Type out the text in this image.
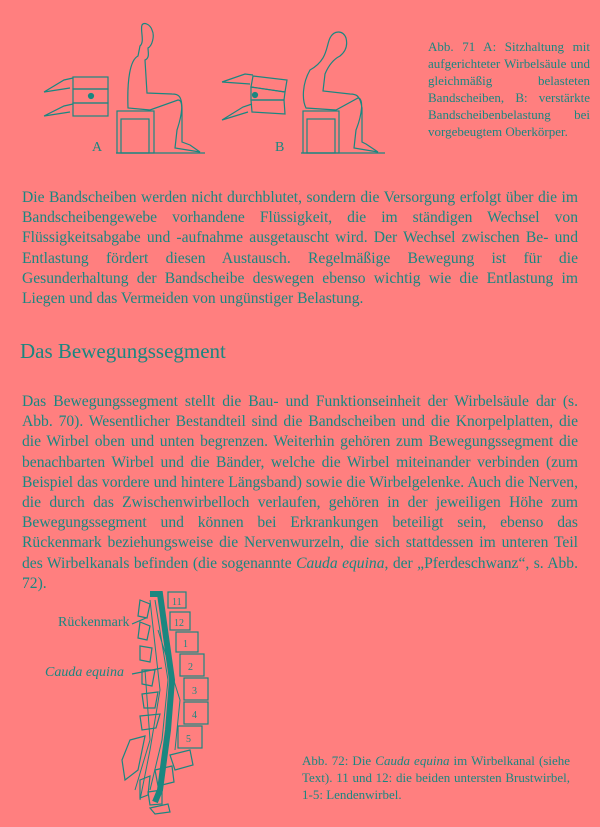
A	B
Abb. 71 A: Sitzhaltung mit aufgerichteter Wirbelsäule und gleichmäßig belasteten Bandscheiben, B: verstärkte Bandscheibenbelastung bei vorgebeugtem Oberkörper.

Die Bandscheiben werden nicht durchblutet, sondern die Versorgung erfolgt über die im Bandscheibengewebe vorhandene Flüssigkeit, die im ständigen Wechsel von Flüssigkeitsabgabe und -aufnahme ausgetauscht wird. Der Wechsel zwischen Be- und Entlastung fördert diesen Austausch. Regelmäßige Bewegung ist für die Gesunderhaltung der Bandscheibe deswegen ebenso wichtig wie die Entlastung im Liegen und das Vermeiden von ungünstiger Belastung.

Das Bewegungssegment

Das Bewegungssegment stellt die Bau- und Funktionseinheit der Wirbelsäule dar (s. Abb. 70). Wesentlicher Bestandteil sind die Bandscheiben und die Knorpelplatten, die die Wirbel oben und unten begrenzen. Weiterhin gehören zum Bewegungssegment die benachbarten Wirbel und die Bänder, welche die Wirbel miteinander verbinden (zum Beispiel das vordere und hintere Längsband) sowie die Wirbelgelenke. Auch die Nerven, die durch das Zwischenwirbelloch verlaufen, gehören in der jeweiligen Höhe zum Bewegungssegment und können bei Erkrankungen beteiligt sein, ebenso das Rückenmark beziehungsweise die Nervenwurzeln, die sich stattdessen im unteren Teil des Wirbelkanals befinden (die sogenannte Cauda equina, der „Pferdeschwanz“, s. Abb. 72).

11
12
1
2
3
4
5
Rückenmark
Cauda equina
Abb. 72: Die Cauda equina im Wirbelkanal (siehe Text). 11 und 12: die beiden untersten Brustwirbel, 1-5: Lendenwirbel.
